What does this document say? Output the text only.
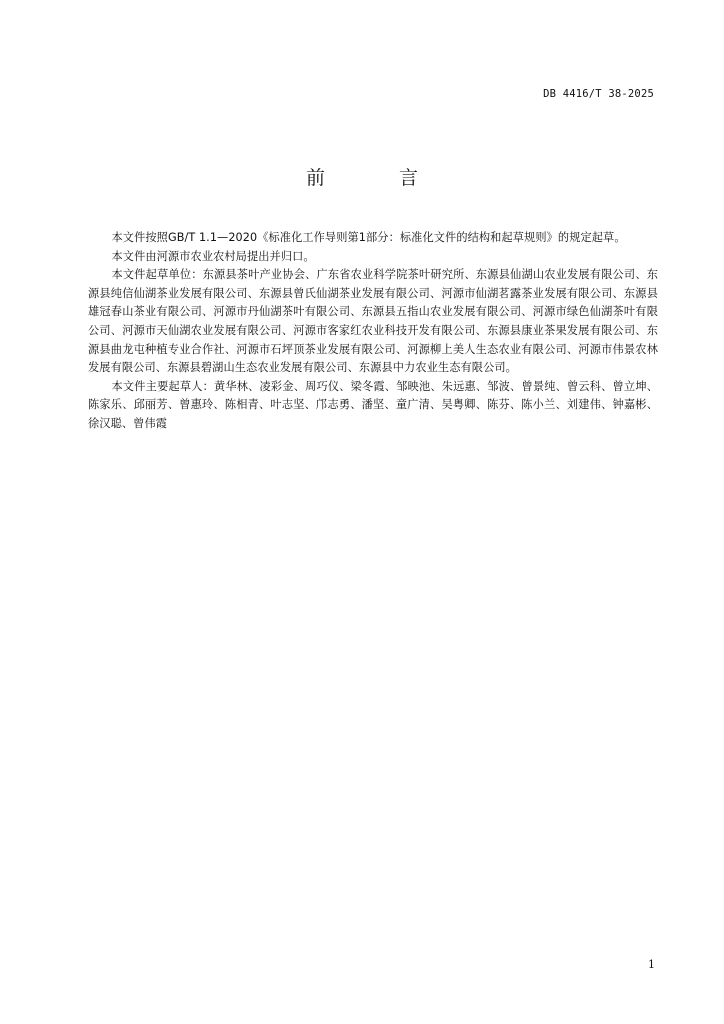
DB 4416/T 38-2025
前 言

本文件按照GB/T 1.1—2020《标准化工作导则第1部分：标准化文件的结构和起草规则》的规定起草。

本文件由河源市农业农村局提出并归口。

本文件起草单位：东源县茶叶产业协会、广东省农业科学院茶叶研究所、东源县仙湖山农业发展有限公司、东源县纯信仙湖茶业发展有限公司、东源县曾氏仙湖茶业发展有限公司、河源市仙湖茗露茶业发展有限公司、东源县雄冠春山茶业有限公司、河源市丹仙湖茶叶有限公司、东源县五指山农业发展有限公司、河源市绿色仙湖茶叶有限公司、河源市天仙湖农业发展有限公司、河源市客家红农业科技开发有限公司、东源县康业茶果发展有限公司、东源县曲龙屯种植专业合作社、河源市石坪顶茶业发展有限公司、河源柳上美人生态农业有限公司、河源市伟景农林发展有限公司、东源县碧湖山生态农业发展有限公司、东源县中力农业生态有限公司。

本文件主要起草人：黄华林、凌彩金、周巧仪、梁冬霞、邹映池、朱远惠、邹波、曾景纯、曾云科、曾立坤、陈家乐、邱丽芳、曾惠玲、陈相青、叶志坚、邝志勇、潘坚、童广清、吴粤卿、陈芬、陈小兰、刘建伟、钟嘉彬、徐汉聪、曾伟霞

1
